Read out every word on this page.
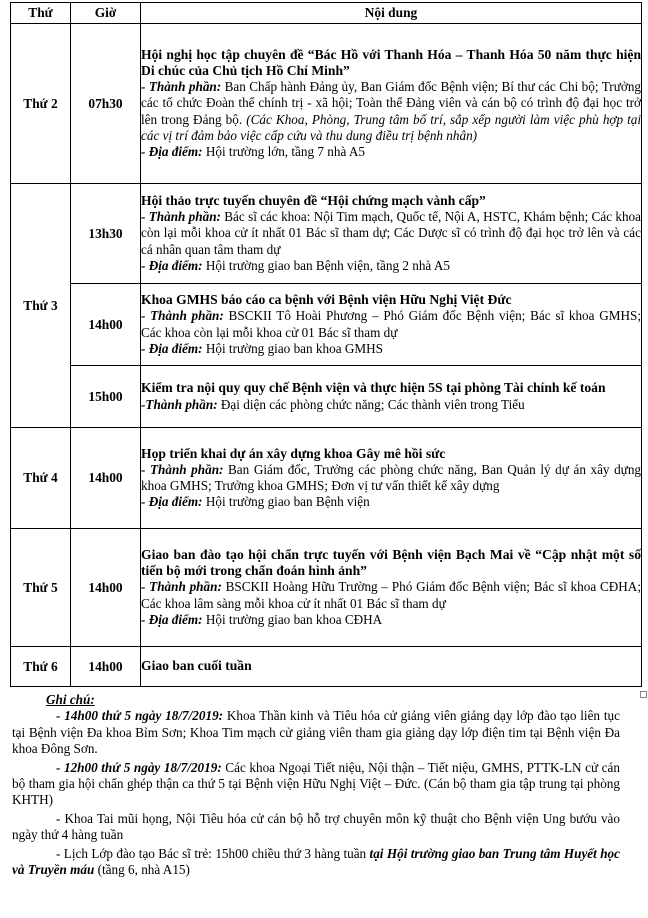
Thứ	Giờ	Nội dung
Thứ 2	07h30	Hội nghị học tập chuyên đề “Bác Hồ với Thanh Hóa – Thanh Hóa 50 năm thực hiện Di chúc của Chủ tịch Hồ Chí Minh”
- Thành phần: Ban Chấp hành Đảng ủy, Ban Giám đốc Bệnh viện; Bí thư các Chi bộ; Trưởng các tổ chức Đoàn thể chính trị - xã hội; Toàn thể Đảng viên và cán bộ có trình độ đại học trở lên trong Đảng bộ. (Các Khoa, Phòng, Trung tâm bố trí, sắp xếp người làm việc phù hợp tại các vị trí đảm bảo việc cấp cứu và thu dung điều trị bệnh nhân)
- Địa điểm: Hội trường lớn, tầng 7 nhà A5

Thứ 3	13h30	Hội thảo trực tuyến chuyên đề “Hội chứng mạch vành cấp”
- Thành phần: Bác sĩ các khoa: Nội Tim mạch, Quốc tế, Nội A, HSTC, Khám bệnh; Các khoa còn lại mỗi khoa cử ít nhất 01 Bác sĩ tham dự; Các Dược sĩ có trình độ đại học trở lên và các cá nhân quan tâm tham dự
- Địa điểm: Hội trường giao ban Bệnh viện, tầng 2 nhà A5

	14h00	Khoa GMHS báo cáo ca bệnh với Bệnh viện Hữu Nghị Việt Đức
- Thành phần: BSCKII Tô Hoài Phương – Phó Giám đốc Bệnh viện; Bác sĩ khoa GMHS; Các khoa còn lại mỗi khoa cử 01 Bác sĩ tham dự
- Địa điểm: Hội trường giao ban khoa GMHS

	15h00	Kiểm tra nội quy quy chế Bệnh viện và thực hiện 5S tại phòng Tài chính kế toán
-Thành phần: Đại diện các phòng chức năng; Các thành viên trong Tiểu

Thứ 4	14h00	Họp triển khai dự án xây dựng khoa Gây mê hồi sức
- Thành phần: Ban Giám đốc, Trưởng các phòng chức năng, Ban Quản lý dự án xây dựng khoa GMHS; Trưởng khoa GMHS; Đơn vị tư vấn thiết kế xây dựng
- Địa điểm: Hội trường giao ban Bệnh viện

Thứ 5	14h00	Giao ban đào tạo hội chẩn trực tuyến với Bệnh viện Bạch Mai về “Cập nhật một số tiến bộ mới trong chẩn đoán hình ảnh”
- Thành phần: BSCKII Hoàng Hữu Trường – Phó Giám đốc Bệnh viện; Bác sĩ khoa CĐHA; Các khoa lâm sàng mỗi khoa cử ít nhất 01 Bác sĩ tham dự
- Địa điểm: Hội trường giao ban khoa CĐHA

Thứ 6	14h00	Giao ban cuối tuần
Ghi chú:

- 14h00 thứ 5 ngày 18/7/2019: Khoa Thần kinh và Tiêu hóa cử giảng viên giảng dạy lớp đào tạo liên tục tại Bệnh viện Đa khoa Bỉm Sơn; Khoa Tim mạch cử giảng viên tham gia giảng dạy lớp điện tim tại Bệnh viện Đa khoa Đông Sơn.

- 12h00 thứ 5 ngày 18/7/2019: Các khoa Ngoại Tiết niệu, Nội thận – Tiết niệu, GMHS, PTTK-LN cử cán bộ tham gia hội chẩn ghép thận ca thứ 5 tại Bệnh viện Hữu Nghị Việt – Đức. (Cán bộ tham gia tập trung tại phòng KHTH)

- Khoa Tai mũi họng, Nội Tiêu hóa cử cán bộ hỗ trợ chuyên môn kỹ thuật cho Bệnh viện Ung bướu vào ngày thứ 4 hàng tuần

- Lịch Lớp đào tạo Bác sĩ trẻ: 15h00 chiều thứ 3 hàng tuần tại Hội trường giao ban Trung tâm Huyết học và Truyền máu (tầng 6, nhà A15)
